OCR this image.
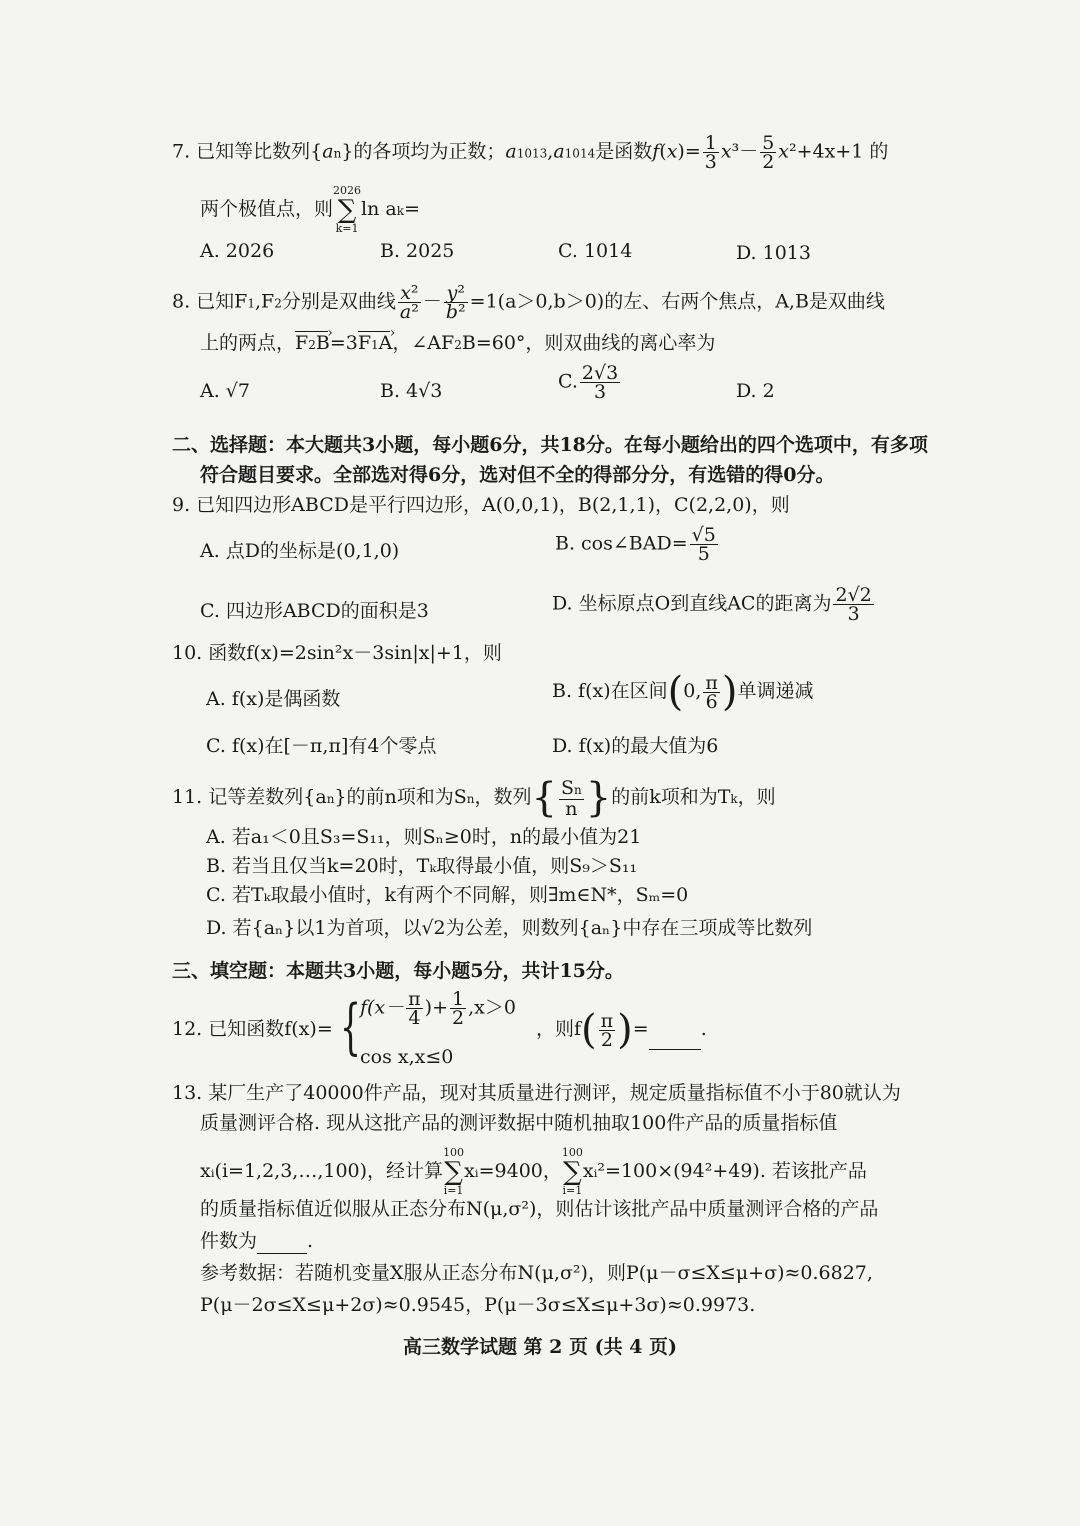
7. 已知等比数列{an}的各项均为正数；a1013,a1014是函数$f(x)= \frac{1}{3} x^3- \frac{5}{2} x^2+4x+1$ 的
两个极值点，则
2026
∑
k=1
ln ak=
A. 2026	B. 2025	C. 1014	D. 1013
8. 已知F1,F2分别是双曲线 $\frac{\text{x²}}{\text{a²}} - \frac{\text{y²}}{\text{b²}} =1(a>0,b>0)$的左、右两个焦点，A,B是双曲线
上的两点，F2B ›=3F1A ›，∠AF2B=60°，则双曲线的离心率为
A. √7	B. 4√3	C. $\frac{2√3}{3}$	D. 2
二、选择题：本大题共3小题，每小题6分，共18分。在每小题给出的四个选项中，有多项
符合题目要求。全部选对得6分，选对但不全的得部分分，有选错的得0分。
9. 已知四边形ABCD是平行四边形，A(0,0,1)，B(2,1,1)，C(2,2,0)，则
A. 点D的坐标是(0,1,0)	B. cos∠BAD= $\frac{√5}{5}$
C. 四边形ABCD的面积是3	D. 坐标原点O到直线AC的距离为 $\frac{2√2}{3}$
10. 函数f(x)=2sin²x－3sin|x|+1，则
A. f(x)是偶函数	B. f(x)在区间(0, $\frac{\pi}{6}$ )单调递减
C. f(x)在[－π,π]有4个零点	D. f(x)的最大值为6
11. 记等差数列{an}的前n项和为Sn，数列{ $\frac{Sn}{n}$ }的前k项和为Tk，则
A. 若a₁＜0且S₃=S₁₁，则Sₙ≥0时，n的最小值为21
B. 若当且仅当k=20时，Tₖ取得最小值，则S₉＞S₁₁
C. 若Tₖ取最小值时，k有两个不同解，则∃m∈N*，Sₘ=0
D. 若{aₙ}以1为首项，以√2为公差，则数列{aₙ}中存在三项成等比数列
三、填空题：本题共3小题，每小题5分，共计15分。
12. 已知函数f(x)= {
$f(x- \frac{\pi}{4}$ )+ $\frac{1}{2} ,x>0$
cos x,x≤0
，则$f( \frac{\pi}{2}$ )=	.
13. 某厂生产了40000件产品，现对其质量进行测评，规定质量指标值不小于80就认为
质量测评合格. 现从这批产品的测评数据中随机抽取100件产品的质量指标值
xᵢ(i=1,2,3,…,100)，经计算
100
∑
i=1
xᵢ=9400，
100
∑
i=1
xᵢ²=100×(94²+49). 若该批产品
的质量指标值近似服从正态分布N(μ,σ²)，则估计该批产品中质量测评合格的产品
件数为	.
参考数据：若随机变量X服从正态分布N(μ,σ²)，则P(μ－σ≤X≤μ+σ)≈0.6827,
P(μ－2σ≤X≤μ+2σ)≈0.9545，P(μ－3σ≤X≤μ+3σ)≈0.9973.
高三数学试题 第 2 页 (共 4 页)
